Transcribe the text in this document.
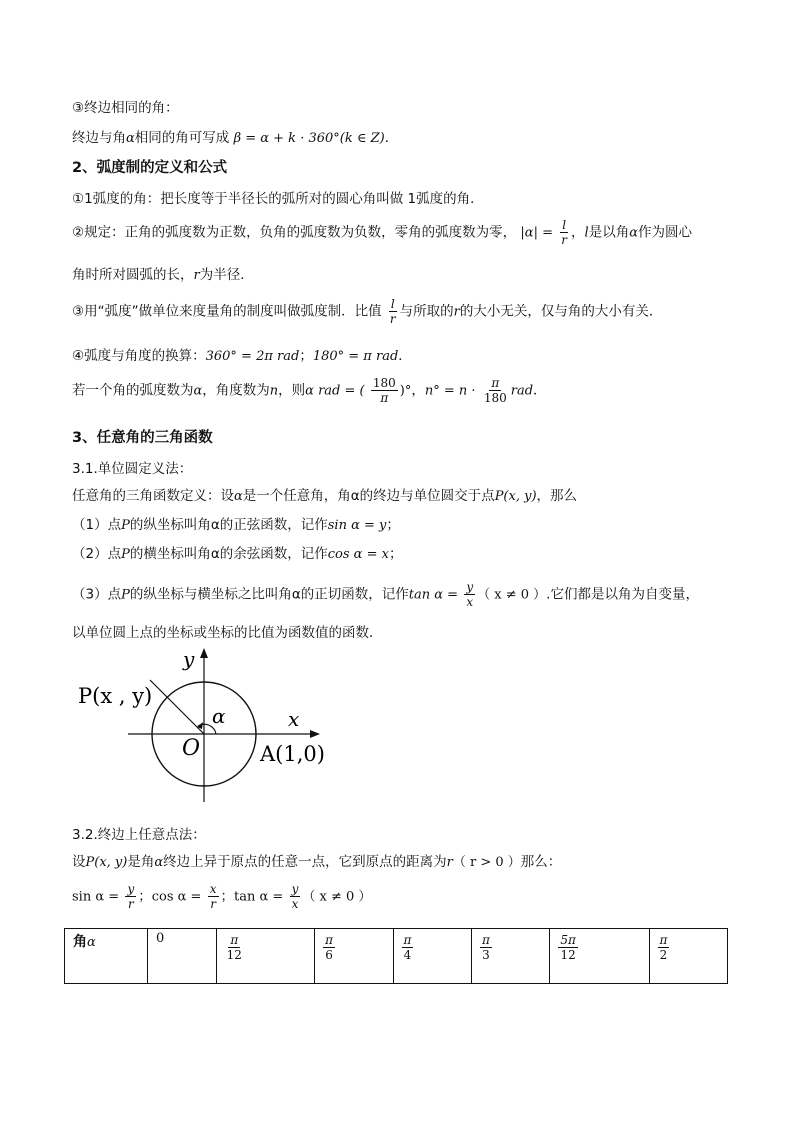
③终边相同的角：
终边与角α相同的角可写成 β = α + k · 360°(k ∈ Z)．
2、弧度制的定义和公式
①1弧度的角：把长度等于半径长的弧所对的圆心角叫做 1弧度的角．
②规定：正角的弧度数为正数，负角的弧度数为负数，零角的弧度数为零， $|\alpha| = \frac{l}{r}$ ，l是以角α作为圆心
角时所对圆弧的长，r为半径．
③用“弧度”做单位来度量角的制度叫做弧度制．比值 $\frac{l}{r}$ 与所取的r的大小无关，仅与角的大小有关．
④弧度与角度的换算：360° = 2π rad；180° = π rad．
若一个角的弧度数为α，角度数为n，则α rad = ( $\frac{180}{\pi}$ )°，$n^\circ = n \cdot \frac{\pi}{180}$ rad．
3、任意角的三角函数
3.1.单位圆定义法：
任意角的三角函数定义：设α是一个任意角，角α的终边与单位圆交于点P(x, y)，那么
（1）点P的纵坐标叫角α的正弦函数，记作sin α = y；
（2）点P的横坐标叫角α的余弦函数，记作cos α = x；
（3）点P的纵坐标与横坐标之比叫角α的正切函数，记作$\tan \alpha = \frac{y}{x}$ （ x ≠ 0 ）.它们都是以角为自变量，
以单位圆上点的坐标或坐标的比值为函数值的函数．
y
x
P(x , y)
α
O	A(1,0)
3.2.终边上任意点法：
设P(x, y)是角α终边上异于原点的任意一点，它到原点的距离为r（ r > 0 ）那么：
$\sin \alpha = \frac{y}{r}$ ；$\cos \alpha = \frac{x}{r}$ ；$\tan \alpha = \frac{y}{x}$ （ x ≠ 0 ）
角α	0	$\frac{\pi}{12}$	$\frac{\pi}{6}$	$\frac{\pi}{4}$	$\frac{\pi}{3}$	$\frac{5\pi}{12}$	$\frac{\pi}{2}$
